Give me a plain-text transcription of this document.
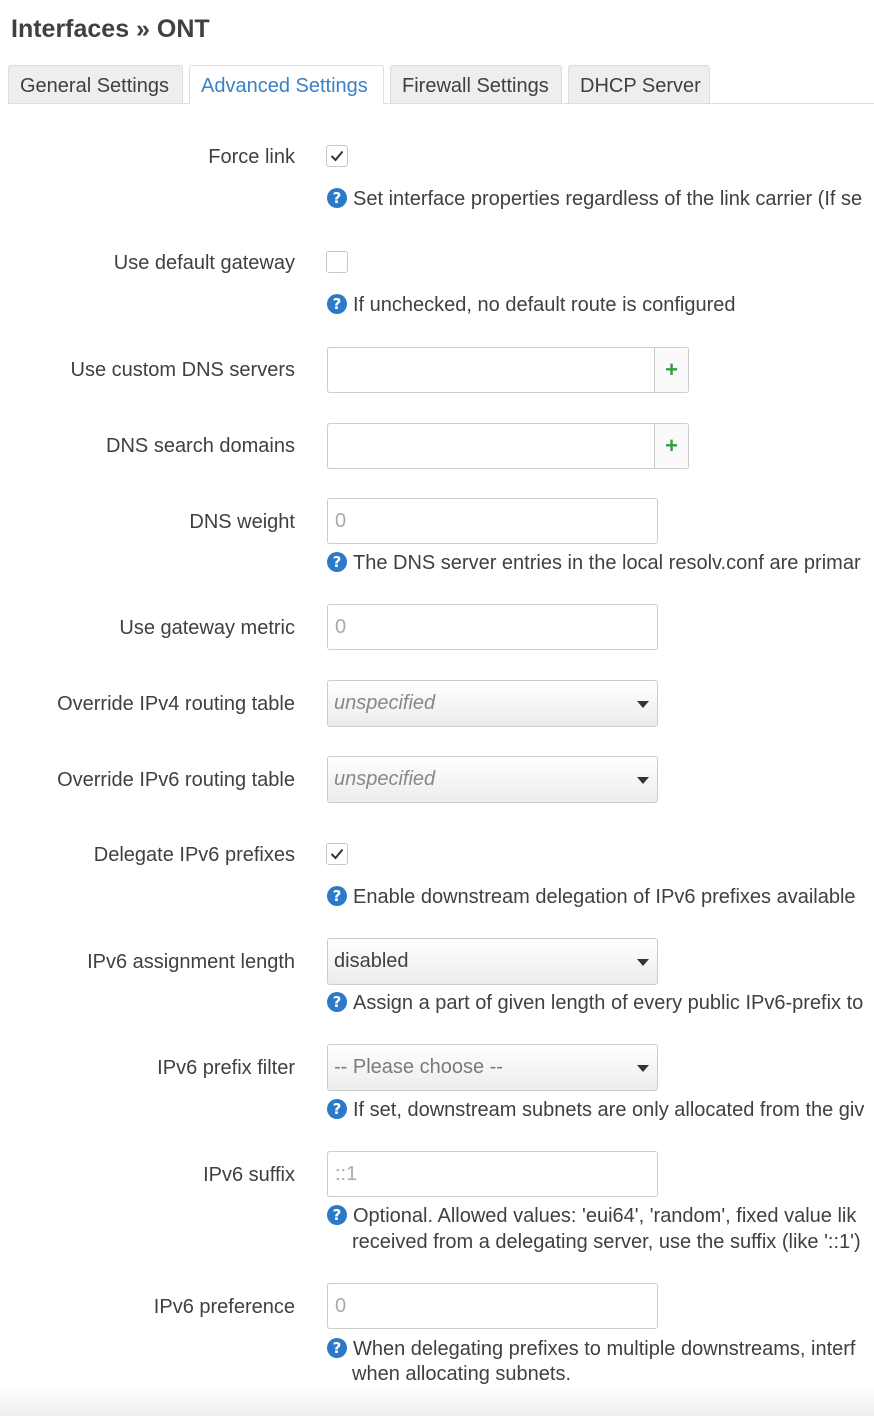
Interfaces » ONT
General Settings	Advanced Settings	Firewall Settings	DHCP Server
Force link
? Set interface properties regardless of the link carrier (If se
Use default gateway
? If unchecked, no default route is configured
Use custom DNS servers	+
DNS search domains	+
DNS weight	0
? The DNS server entries in the local resolv.conf are primar
Use gateway metric	0
Override IPv4 routing table	unspecified
Override IPv6 routing table	unspecified
Delegate IPv6 prefixes
? Enable downstream delegation of IPv6 prefixes available
IPv6 assignment length	disabled
? Assign a part of given length of every public IPv6-prefix to
IPv6 prefix filter	-- Please choose --
? If set, downstream subnets are only allocated from the giv
IPv6 suffix	::1
? Optional. Allowed values: 'eui64', 'random', fixed value lik
received from a delegating server, use the suffix (like '::1')
IPv6 preference	0
? When delegating prefixes to multiple downstreams, interf
when allocating subnets.
